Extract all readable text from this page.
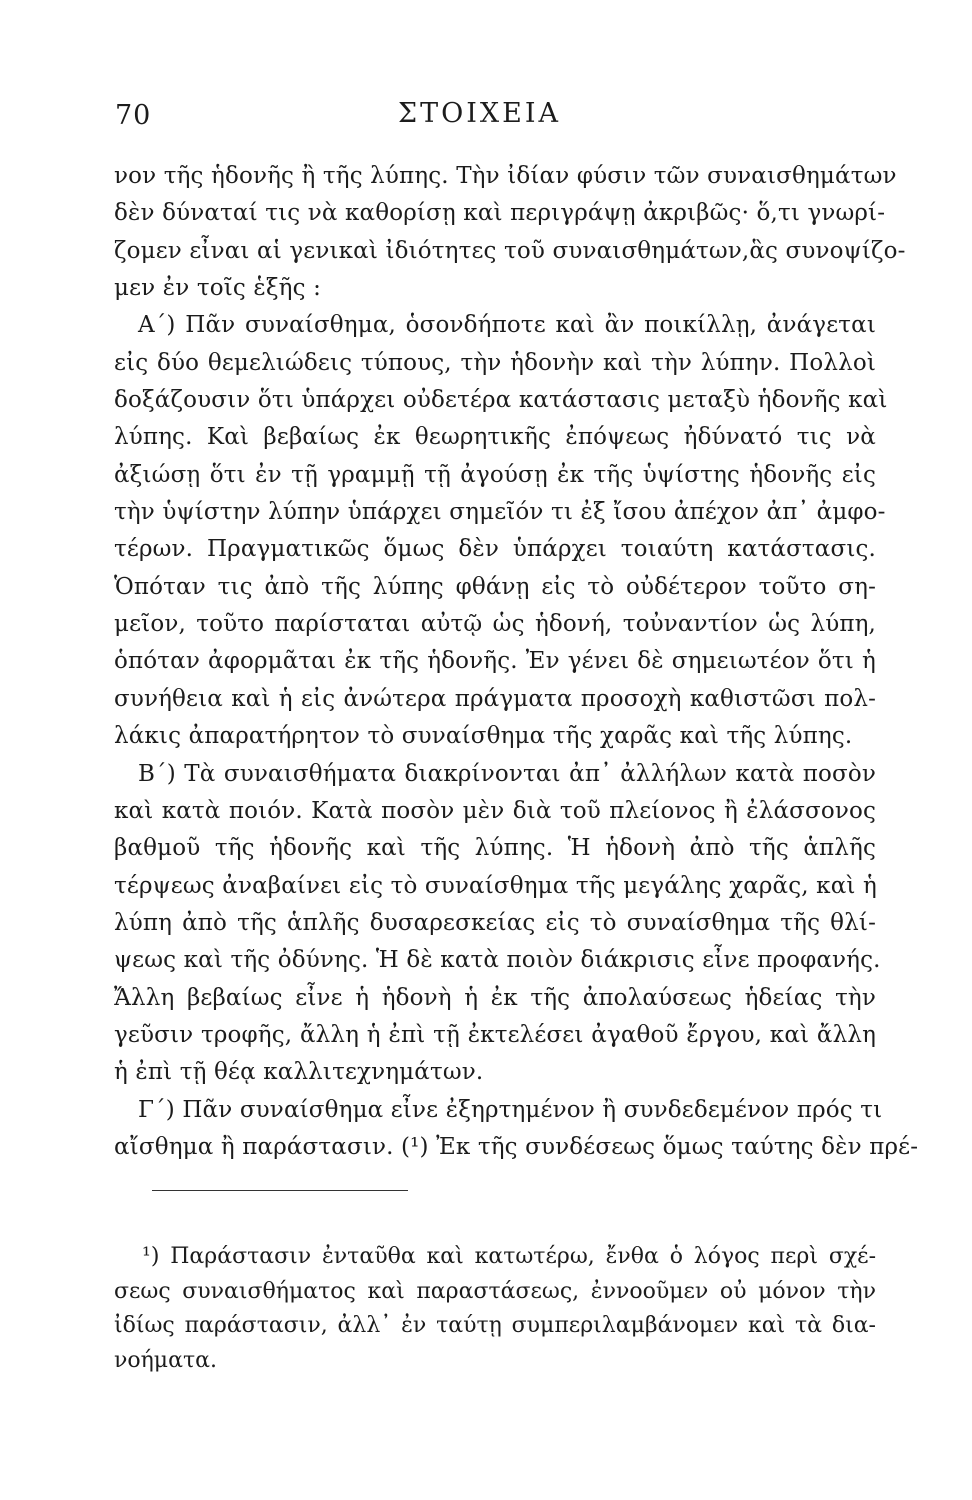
70	ΣΤΟΙΧΕΙΑ
νον τῆς ἡδονῆς ἢ τῆς λύπης. Τὴν ἰδίαν φύσιν τῶν συναισθημάτων
δὲν δύναταί τις νὰ καθορίσῃ καὶ περιγράψῃ ἀκριβῶς· ὅ,τι γνωρί-
ζομεν εἶναι αἱ γενικαὶ ἰδιότητες τοῦ συναισθημάτων,ἃς συνοψίζο-
μεν ἐν τοῖς ἑξῆς :
Α΄) Πᾶν συναίσθημα, ὁσονδήποτε καὶ ἂν ποικίλλῃ, ἀνάγεται
εἰς δύο θεμελιώδεις τύπους, τὴν ἡδονὴν καὶ τὴν λύπην. Πολλοὶ
δοξάζουσιν ὅτι ὑπάρχει οὐδετέρα κατάστασις μεταξὺ ἡδονῆς καὶ
λύπης. Καὶ βεβαίως ἐκ θεωρητικῆς ἐπόψεως ἠδύνατό τις νὰ
ἀξιώσῃ ὅτι ἐν τῇ γραμμῇ τῇ ἀγούσῃ ἐκ τῆς ὑψίστης ἡδονῆς εἰς
τὴν ὑψίστην λύπην ὑπάρχει σημεῖόν τι ἐξ ἴσου ἀπέχον ἀπ᾽ ἀμφο-
τέρων. Πραγματικῶς ὅμως δὲν ὑπάρχει τοιαύτη κατάστασις.
Ὁπόταν τις ἀπὸ τῆς λύπης φθάνῃ εἰς τὸ οὐδέτερον τοῦτο ση-
μεῖον, τοῦτο παρίσταται αὐτῷ ὡς ἡδονή, τοὐναντίον ὡς λύπη,
ὁπόταν ἀφορμᾶται ἐκ τῆς ἡδονῆς. Ἐν γένει δὲ σημειωτέον ὅτι ἡ
συνήθεια καὶ ἡ εἰς ἀνώτερα πράγματα προσοχὴ καθιστῶσι πολ-
λάκις ἀπαρατήρητον τὸ συναίσθημα τῆς χαρᾶς καὶ τῆς λύπης.
Β΄) Τὰ συναισθήματα διακρίνονται ἀπ᾽ ἀλλήλων κατὰ ποσὸν
καὶ κατὰ ποιόν. Κατὰ ποσὸν μὲν διὰ τοῦ πλείονος ἢ ἐλάσσονος
βαθμοῦ τῆς ἡδονῆς καὶ τῆς λύπης. Ἡ ἡδονὴ ἀπὸ τῆς ἁπλῆς
τέρψεως ἀναβαίνει εἰς τὸ συναίσθημα τῆς μεγάλης χαρᾶς, καὶ ἡ
λύπη ἀπὸ τῆς ἁπλῆς δυσαρεσκείας εἰς τὸ συναίσθημα τῆς θλί-
ψεως καὶ τῆς ὀδύνης. Ἡ δὲ κατὰ ποιὸν διάκρισις εἶνε προφανής.
Ἄλλη βεβαίως εἶνε ἡ ἡδονὴ ἡ ἐκ τῆς ἀπολαύσεως ἡδείας τὴν
γεῦσιν τροφῆς, ἄλλη ἡ ἐπὶ τῇ ἐκτελέσει ἀγαθοῦ ἔργου, καὶ ἄλλη
ἡ ἐπὶ τῇ θέᾳ καλλιτεχνημάτων.
Γ΄) Πᾶν συναίσθημα εἶνε ἐξηρτημένον ἢ συνδεδεμένον πρός τι
αἴσθημα ἢ παράστασιν. (¹) Ἐκ τῆς συνδέσεως ὅμως ταύτης δὲν πρέ-
¹) Παράστασιν ἐνταῦθα καὶ κατωτέρω, ἔνθα ὁ λόγος περὶ σχέ-
σεως συναισθήματος καὶ παραστάσεως, ἐννοοῦμεν οὐ μόνον τὴν
ἰδίως παράστασιν, ἀλλ᾽ ἐν ταύτῃ συμπεριλαμβάνομεν καὶ τὰ δια-
νοήματα.
